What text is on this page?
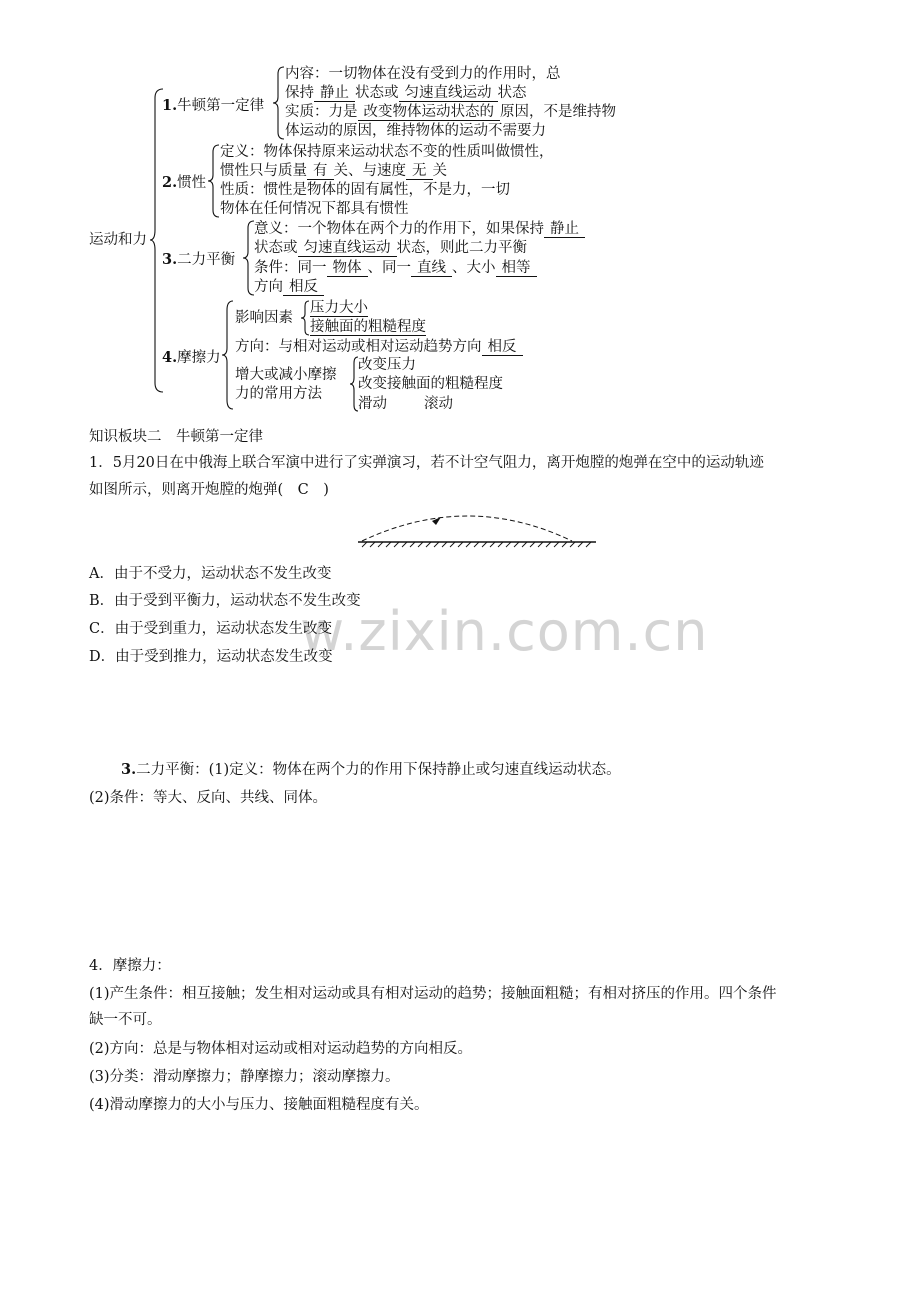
w.zixin.com.cn
运动和力
1.牛顿第一定律
内容：一切物体在没有受到力的作用时，总
保持 静止 状态或 匀速直线运动 状态
实质：力是 改变物体运动状态的 原因，不是维持物
体运动的原因，维持物体的运动不需要力
2.惯性
定义：物体保持原来运动状态不变的性质叫做惯性，
惯性只与质量 有 关、与速度 无 关
性质：惯性是物体的固有属性，不是力，一切
物体在任何情况下都具有惯性
3.二力平衡
意义：一个物体在两个力的作用下，如果保持 静止
状态或 匀速直线运动 状态，则此二力平衡
条件：同一 物体 、同一 直线 、大小 相等
方向 相反
4.摩擦力
影响因素
压力大小
接触面的粗糙程度
方向：与相对运动或相对运动趋势方向 相反
增大或减小摩擦
力的常用方法
改变压力
改变接触面的粗糙程度
滑动	滚动
知识板块二　牛顿第一定律
1．5月20日在中俄海上联合军演中进行了实弹演习，若不计空气阻力，离开炮膛的炮弹在空中的运动轨迹
如图所示，则离开炮膛的炮弹(　C　)
A．由于不受力，运动状态不发生改变
B．由于受到平衡力，运动状态不发生改变
C．由于受到重力，运动状态发生改变
D．由于受到推力，运动状态发生改变
3.二力平衡：(1)定义：物体在两个力的作用下保持静止或匀速直线运动状态。
(2)条件：等大、反向、共线、同体。
4．摩擦力：
(1)产生条件：相互接触；发生相对运动或具有相对运动的趋势；接触面粗糙；有相对挤压的作用。四个条件
缺一不可。
(2)方向：总是与物体相对运动或相对运动趋势的方向相反。
(3)分类：滑动摩擦力；静摩擦力；滚动摩擦力。
(4)滑动摩擦力的大小与压力、接触面粗糙程度有关。
